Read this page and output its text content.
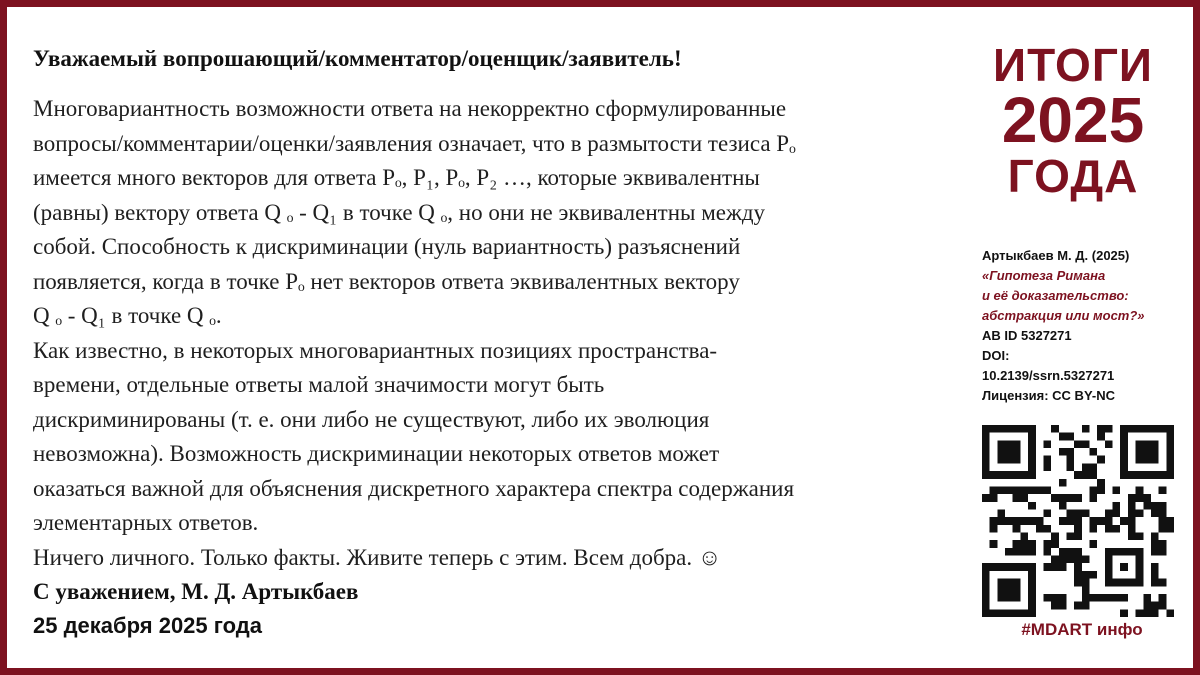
Уважаемый вопрошающий/комментатор/оценщик/заявитель!
Многовариантность возможности ответа на некорректно сформулированные
вопросы/комментарии/оценки/заявления означает, что в размытости тезиса Pₒ
имеется много векторов для ответа Pₒ, P₁, Pₒ, P₂ …, которые эквивалентны
(равны) вектору ответа Q ₒ - Q₁ в точке Q ₒ, но они не эквивалентны между
собой. Способность к дискриминации (нуль вариантность) разъяснений
появляется, когда в точке Pₒ нет векторов ответа эквивалентных вектору
Q ₒ - Q₁ в точке Q ₒ.
Как известно, в некоторых многовариантных позициях пространства-
времени, отдельные ответы малой значимости могут быть
дискриминированы (т. е. они либо не существуют, либо их эволюция
невозможна). Возможность дискриминации некоторых ответов может
оказаться важной для объяснения дискретного характера спектра содержания
элементарных ответов.
Ничего личного. Только факты. Живите теперь с этим. Всем добра. ☺
С уважением, М. Д. Артыкбаев
25 декабря 2025 года
ИТОГИ
2025
ГОДА
Артыкбаев М. Д. (2025)
«Гипотеза Римана
и её доказательство:
абстракция или мост?»
AB ID 5327271
DOI:
10.2139/ssrn.5327271
Лицензия: CC BY-NC
#MDART инфо
